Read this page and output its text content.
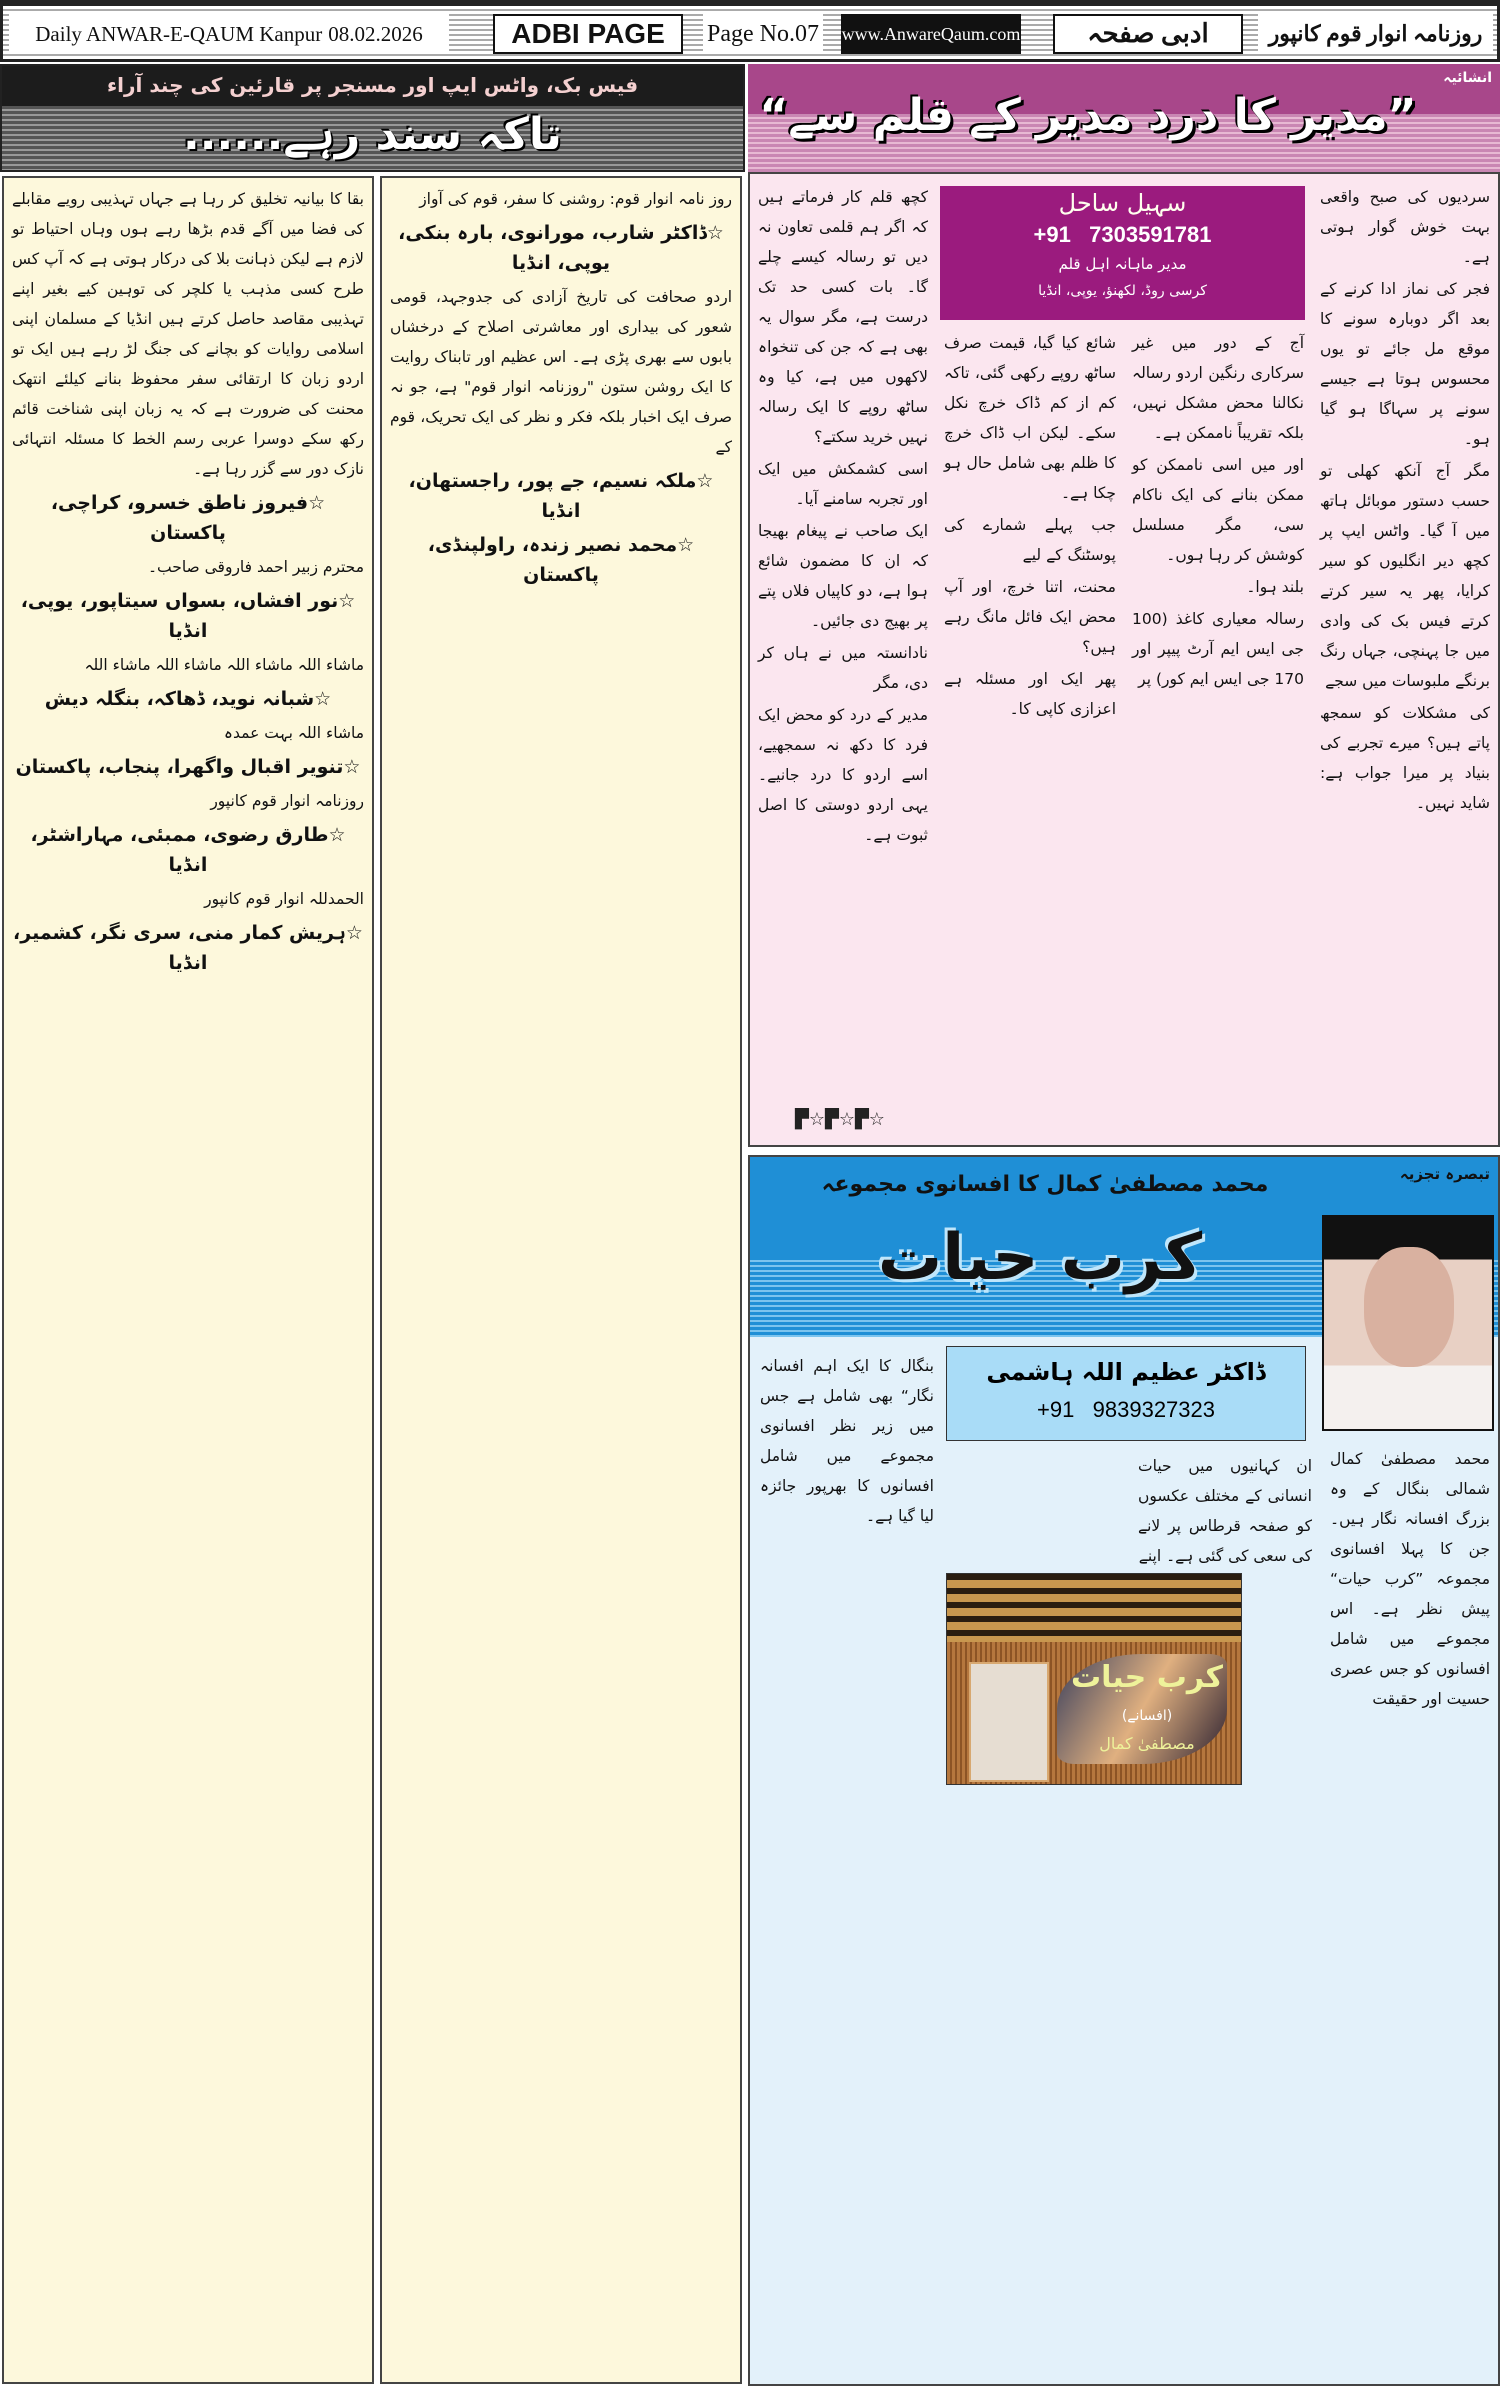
Daily ANWAR-E-QAUM Kanpur 08.02.2026	ADBI PAGE	Page No.07 www.AnwareQaum.com	ادبی صفحہ	روزنامہ انوار قوم کانپور
فیس بک، واٹس ایپ اور مسنجر پر قارئین کی چند آراء
تاکہ سند رہے......

بقا کا بیانیہ تخلیق کر رہا ہے جہاں تہذیبی رویے مقابلے کی فضا میں آگے قدم بڑھا رہے ہوں وہاں احتیاط تو لازم ہے لیکن ذہانت بلا کی درکار ہوتی ہے کہ آپ کس طرح کسی مذہب یا کلچر کی توہین کیے بغیر اپنے تہذیبی مقاصد حاصل کرتے ہیں انڈیا کے مسلمان اپنی اسلامی روایات کو بچانے کی جنگ لڑ رہے ہیں ایک تو اردو زبان کا ارتقائی سفر محفوظ بنانے کیلئے انتھک محنت کی ضرورت ہے کہ یہ زبان اپنی شناخت قائم رکھ سکے دوسرا عربی رسم الخط کا مسئلہ انتہائی نازک دور سے گزر رہا ہے۔

☆فیروز ناطق خسرو، کراچی، پاکستان

محترم زبیر احمد فاروقی صاحب۔

☆نور افشاں، بسواں سیتاپور، یوپی، انڈیا

ماشاء اللہ ماشاء اللہ ماشاء اللہ ماشاء اللہ

☆شبانہ نوید، ڈھاکہ، بنگلہ دیش

ماشاء اللہ بہت عمدہ

☆تنویر اقبال واگھرا، پنجاب، پاکستان

روزنامہ انوار قوم کانپور

☆طارق رضوی، ممبئی، مہاراشٹر، انڈیا

الحمدللہ انوار قوم کانپور

☆ہریش کمار منی، سری نگر، کشمیر، انڈیا

روز نامہ انوار قوم: روشنی کا سفر، قوم کی آواز

☆ڈاکٹر شارب، مورانوی، بارہ بنکی، یوپی، انڈیا

اردو صحافت کی تاریخ آزادی کی جدوجہد، قومی شعور کی بیداری اور معاشرتی اصلاح کے درخشاں بابوں سے بھری پڑی ہے۔ اس عظیم اور تابناک روایت کا ایک روشن ستون "روزنامہ انوار قوم" ہے، جو نہ صرف ایک اخبار بلکہ فکر و نظر کی ایک تحریک، قوم کے

☆ملکہ نسیم، جے پور، راجستھان، انڈیا
☆محمد نصیر زندہ، راولپنڈی، پاکستان
انشائیہ
”مدیر کا درد مدیر کے قلم سے“

سردیوں کی صبح واقعی بہت خوش گوار ہوتی ہے۔

فجر کی نماز ادا کرنے کے بعد اگر دوبارہ سونے کا موقع مل جائے تو یوں محسوس ہوتا ہے جیسے سونے پر سہاگا ہو گیا ہو۔

مگر آج آنکھ کھلی تو حسب دستور موبائل ہاتھ میں آ گیا۔ واٹس ایپ پر کچھ دیر انگلیوں کو سیر کرایا، پھر یہ سیر کرتے کرتے فیس بک کی وادی میں جا پہنچی، جہاں رنگ برنگے ملبوسات میں سجے

کی مشکلات کو سمجھ پاتے ہیں؟ میرے تجربے کی بنیاد پر میرا جواب ہے: شاید نہیں۔

آج کے دور میں غیر سرکاری رنگین اردو رسالہ نکالنا محض مشکل نہیں، بلکہ تقریباً ناممکن ہے۔

اور میں اسی ناممکن کو ممکن بنانے کی ایک ناکام سی، مگر مسلسل کوشش کر رہا ہوں۔

بلند ہوا۔

رسالہ معیاری کاغذ (100 جی ایس ایم آرٹ پیپر اور 170 جی ایس ایم کور) پر

شائع کیا گیا، قیمت صرف ساٹھ روپے رکھی گئی، تاکہ کم از کم ڈاک خرچ نکل سکے۔ لیکن اب ڈاک خرچ کا ظلم بھی شامل حال ہو چکا ہے۔

جب پہلے شمارے کی پوسٹنگ کے لیے

محنت، اتنا خرچ، اور آپ محض ایک فائل مانگ رہے ہیں؟

پھر ایک اور مسئلہ ہے اعزازی کاپی کا۔

کچھ قلم کار فرماتے ہیں کہ اگر ہم قلمی تعاون نہ دیں تو رسالہ کیسے چلے گا۔ بات کسی حد تک درست ہے، مگر سوال یہ بھی ہے کہ جن کی تنخواہ لاکھوں میں ہے، کیا وہ ساٹھ روپے کا ایک رسالہ نہیں خرید سکتے؟

اسی کشمکش میں ایک اور تجربہ سامنے آیا۔

ایک صاحب نے پیغام بھیجا کہ ان کا مضمون شائع ہوا ہے، دو کاپیاں فلاں پتے پر بھیج دی جائیں۔

نادانستہ میں نے ہاں کر دی، مگر

مدیر کے درد کو محض ایک فرد کا دکھ نہ سمجھیے، اسے اردو کا درد جانیے۔ یہی اردو دوستی کا اصل ثبوت ہے۔

سہیل ساحل
+91   7303591781
مدیر ماہانہ اہل قلم
کرسی روڈ، لکھنؤ، یوپی، انڈیا
▛☆▛☆▛☆
تبصرہ تجزیہ
محمد مصطفیٰ کمال کا افسانوی مجموعہ
کرب حیات
ڈاکٹر عظیم اللہ ہاشمی
+91   9839327323

محمد مصطفیٰ کمال شمالی بنگال کے وہ بزرگ افسانہ نگار ہیں۔ جن کا پہلا افسانوی مجموعہ ”کرب حیات“ پیش نظر ہے۔ اس مجموعے میں شامل افسانوں کو جس عصری حسیت اور حقیقت

ان کہانیوں میں حیات انسانی کے مختلف عکسوں کو صفحہ قرطاس پر لانے کی سعی کی گئی ہے۔ اپنے

بنگال کا ایک اہم افسانہ نگار“ بھی شامل ہے جس میں زیر نظر افسانوی مجموعے میں شامل افسانوں کا بھرپور جائزہ لیا گیا ہے۔

کرب حیات
(افسانے)
مصطفیٰ کمال
